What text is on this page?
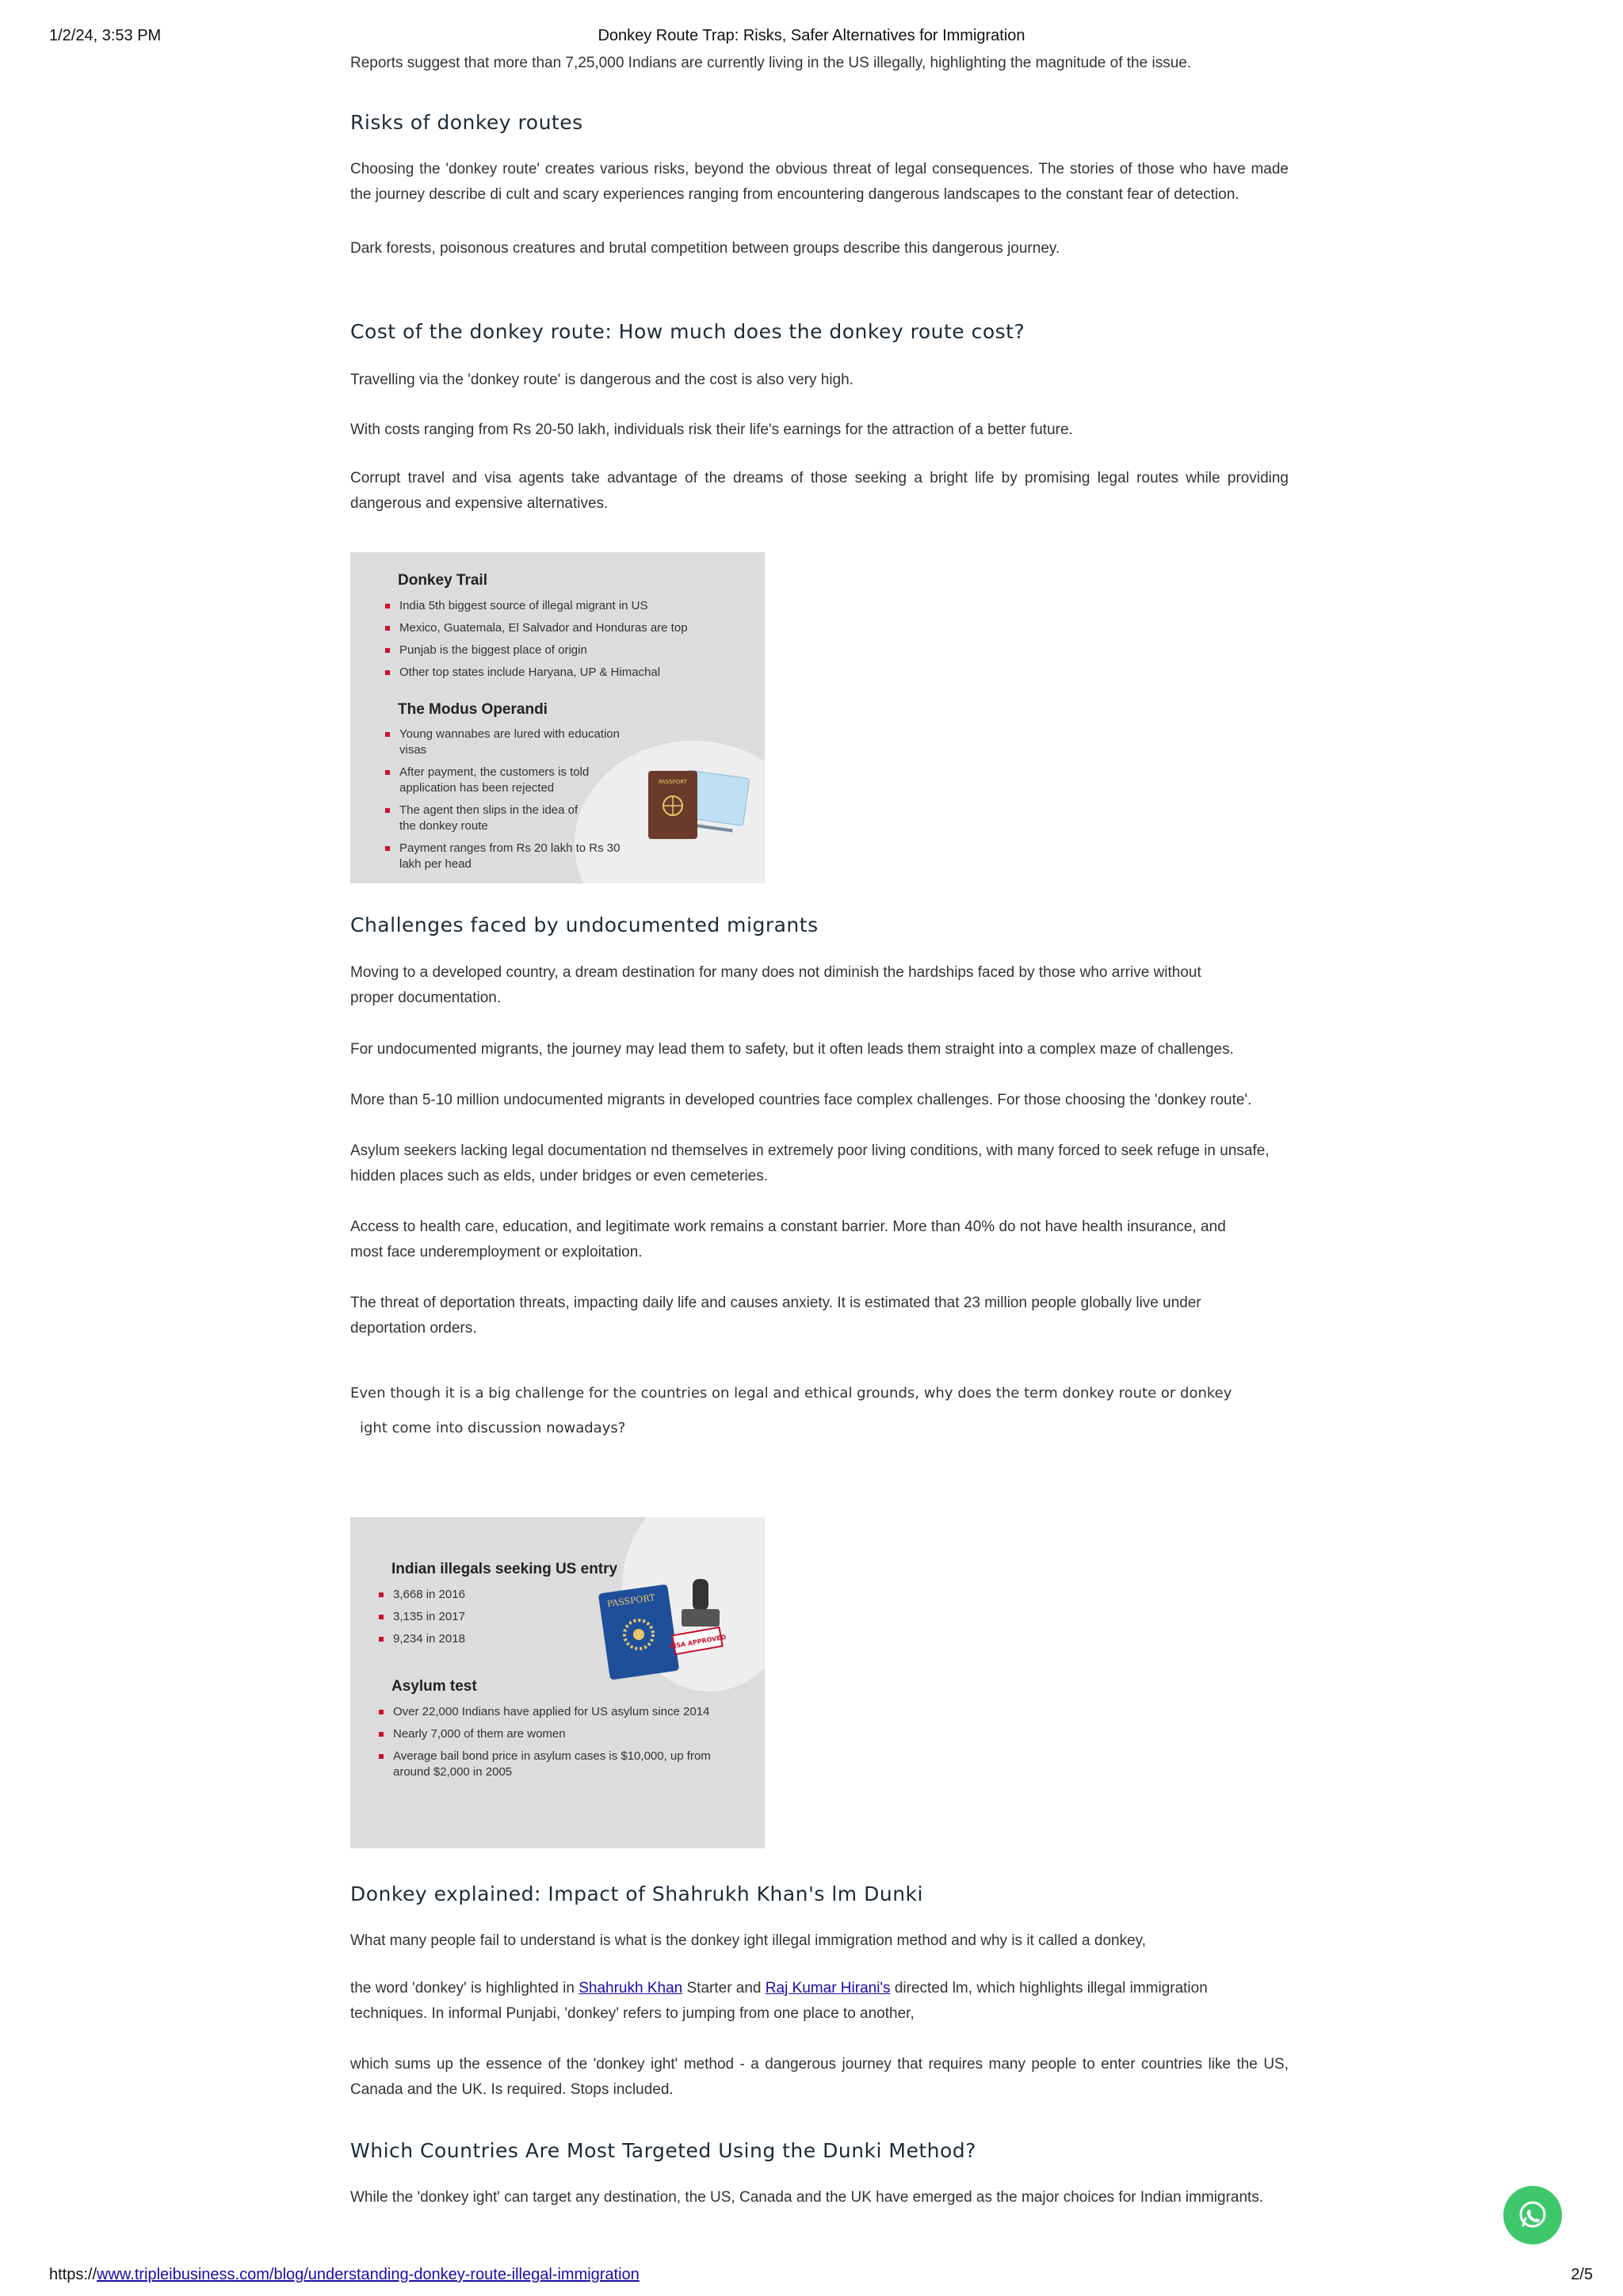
1/2/24, 3:53 PM	Donkey Route Trap: Risks, Safer Alternatives for Immigration

Reports suggest that more than 7,25,000 Indians are currently living in the US illegally, highlighting the magnitude of the issue.

Risks of donkey routes

Choosing the 'donkey route' creates various risks, beyond the obvious threat of legal consequences. The stories of those who have made the journey describe di cult and scary experiences ranging from encountering dangerous landscapes to the constant fear of detection.

Dark forests, poisonous creatures and brutal competition between groups describe this dangerous journey.

Cost of the donkey route: How much does the donkey route cost?

Travelling via the 'donkey route' is dangerous and the cost is also very high.

With costs ranging from Rs 20-50 lakh, individuals risk their life's earnings for the attraction of a better future.

Corrupt travel and visa agents take advantage of the dreams of those seeking a bright life by promising legal routes while providing dangerous and expensive alternatives.

Donkey Trail
India 5th biggest source of illegal migrant in US
Mexico, Guatemala, El Salvador and Honduras are top
Punjab is the biggest place of origin
Other top states include Haryana, UP & Himachal
The Modus Operandi
Young wannabes are lured with education visas
After payment, the customers is told application has been rejected
The agent then slips in the idea of the donkey route
Payment ranges from Rs 20 lakh to Rs 30 lakh per head
PASSPORT
Challenges faced by undocumented migrants

Moving to a developed country, a dream destination for many does not diminish the hardships faced by those who arrive without proper documentation.

For undocumented migrants, the journey may lead them to safety, but it often leads them straight into a complex maze of challenges.

More than 5-10 million undocumented migrants in developed countries face complex challenges. For those choosing the 'donkey route'.

Asylum seekers lacking legal documentation nd themselves in extremely poor living conditions, with many forced to seek refuge in unsafe, hidden places such as elds, under bridges or even cemeteries.

Access to health care, education, and legitimate work remains a constant barrier. More than 40% do not have health insurance, and most face underemployment or exploitation.

The threat of deportation threats, impacting daily life and causes anxiety. It is estimated that 23 million people globally live under deportation orders.

Even though it is a big challenge for the countries on legal and ethical grounds, why does the term donkey route or donkey
ight come into discussion nowadays?

Indian illegals seeking US entry
3,668 in 2016
3,135 in 2017
9,234 in 2018
Asylum test
Over 22,000 Indians have applied for US asylum since 2014
Nearly 7,000 of them are women
Average bail bond price in asylum cases is $10,000, up from around $2,000 in 2005
PASSPORT
VISA APPROVED
Donkey explained: Impact of Shahrukh Khan's lm Dunki

What many people fail to understand is what is the donkey ight illegal immigration method and why is it called a donkey,

the word 'donkey' is highlighted in Shahrukh Khan Starter and Raj Kumar Hirani's directed lm, which highlights illegal immigration techniques. In informal Punjabi, 'donkey' refers to jumping from one place to another,

which sums up the essence of the 'donkey ight' method - a dangerous journey that requires many people to enter countries like the US, Canada and the UK. Is required. Stops included.

Which Countries Are Most Targeted Using the Dunki Method?

While the 'donkey ight' can target any destination, the US, Canada and the UK have emerged as the major choices for Indian immigrants.

https://www.tripleibusiness.com/blog/understanding-donkey-route-illegal-immigration	2/5
